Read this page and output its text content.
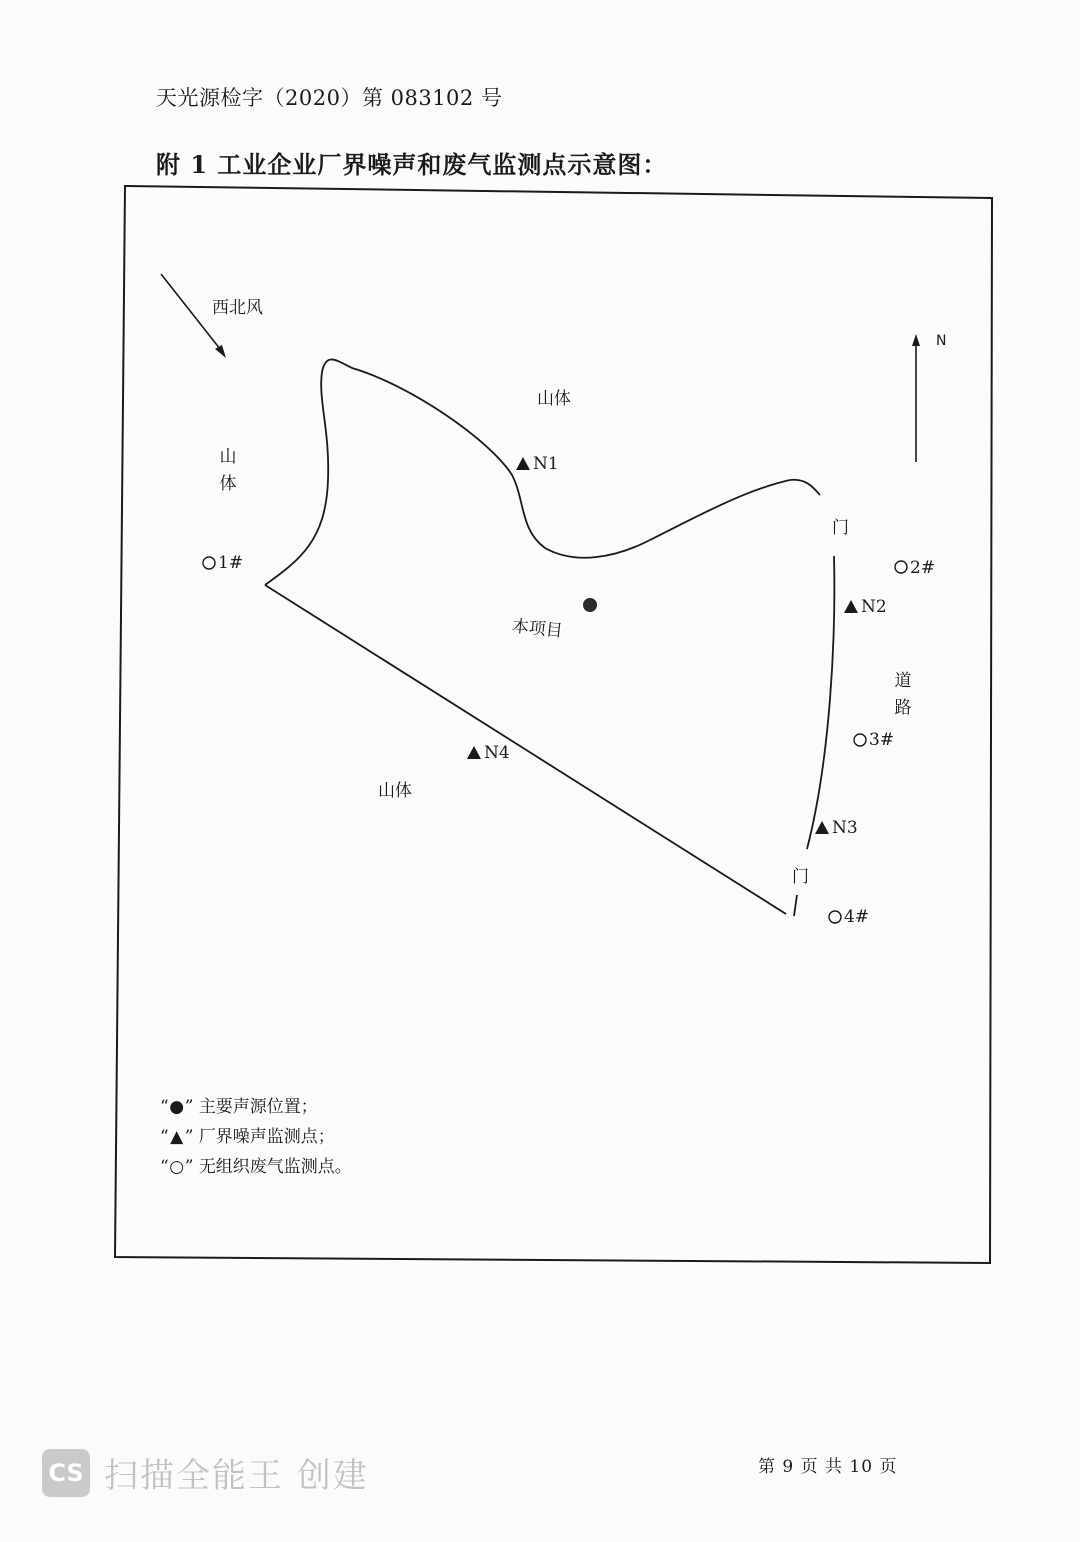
天光源检字（2020）第 083102 号
附 1 工业企业厂界噪声和废气监测点示意图：
西北风
N
山体
山
体
山体
本项目
门
门
道
路
N1
N2
N3
N4
1#	2#
3#
4#
“●” 主要声源位置；
“▲” 厂界噪声监测点；
“○” 无组织废气监测点。
第 9 页 共 10 页
CS 扫描全能王 创建
